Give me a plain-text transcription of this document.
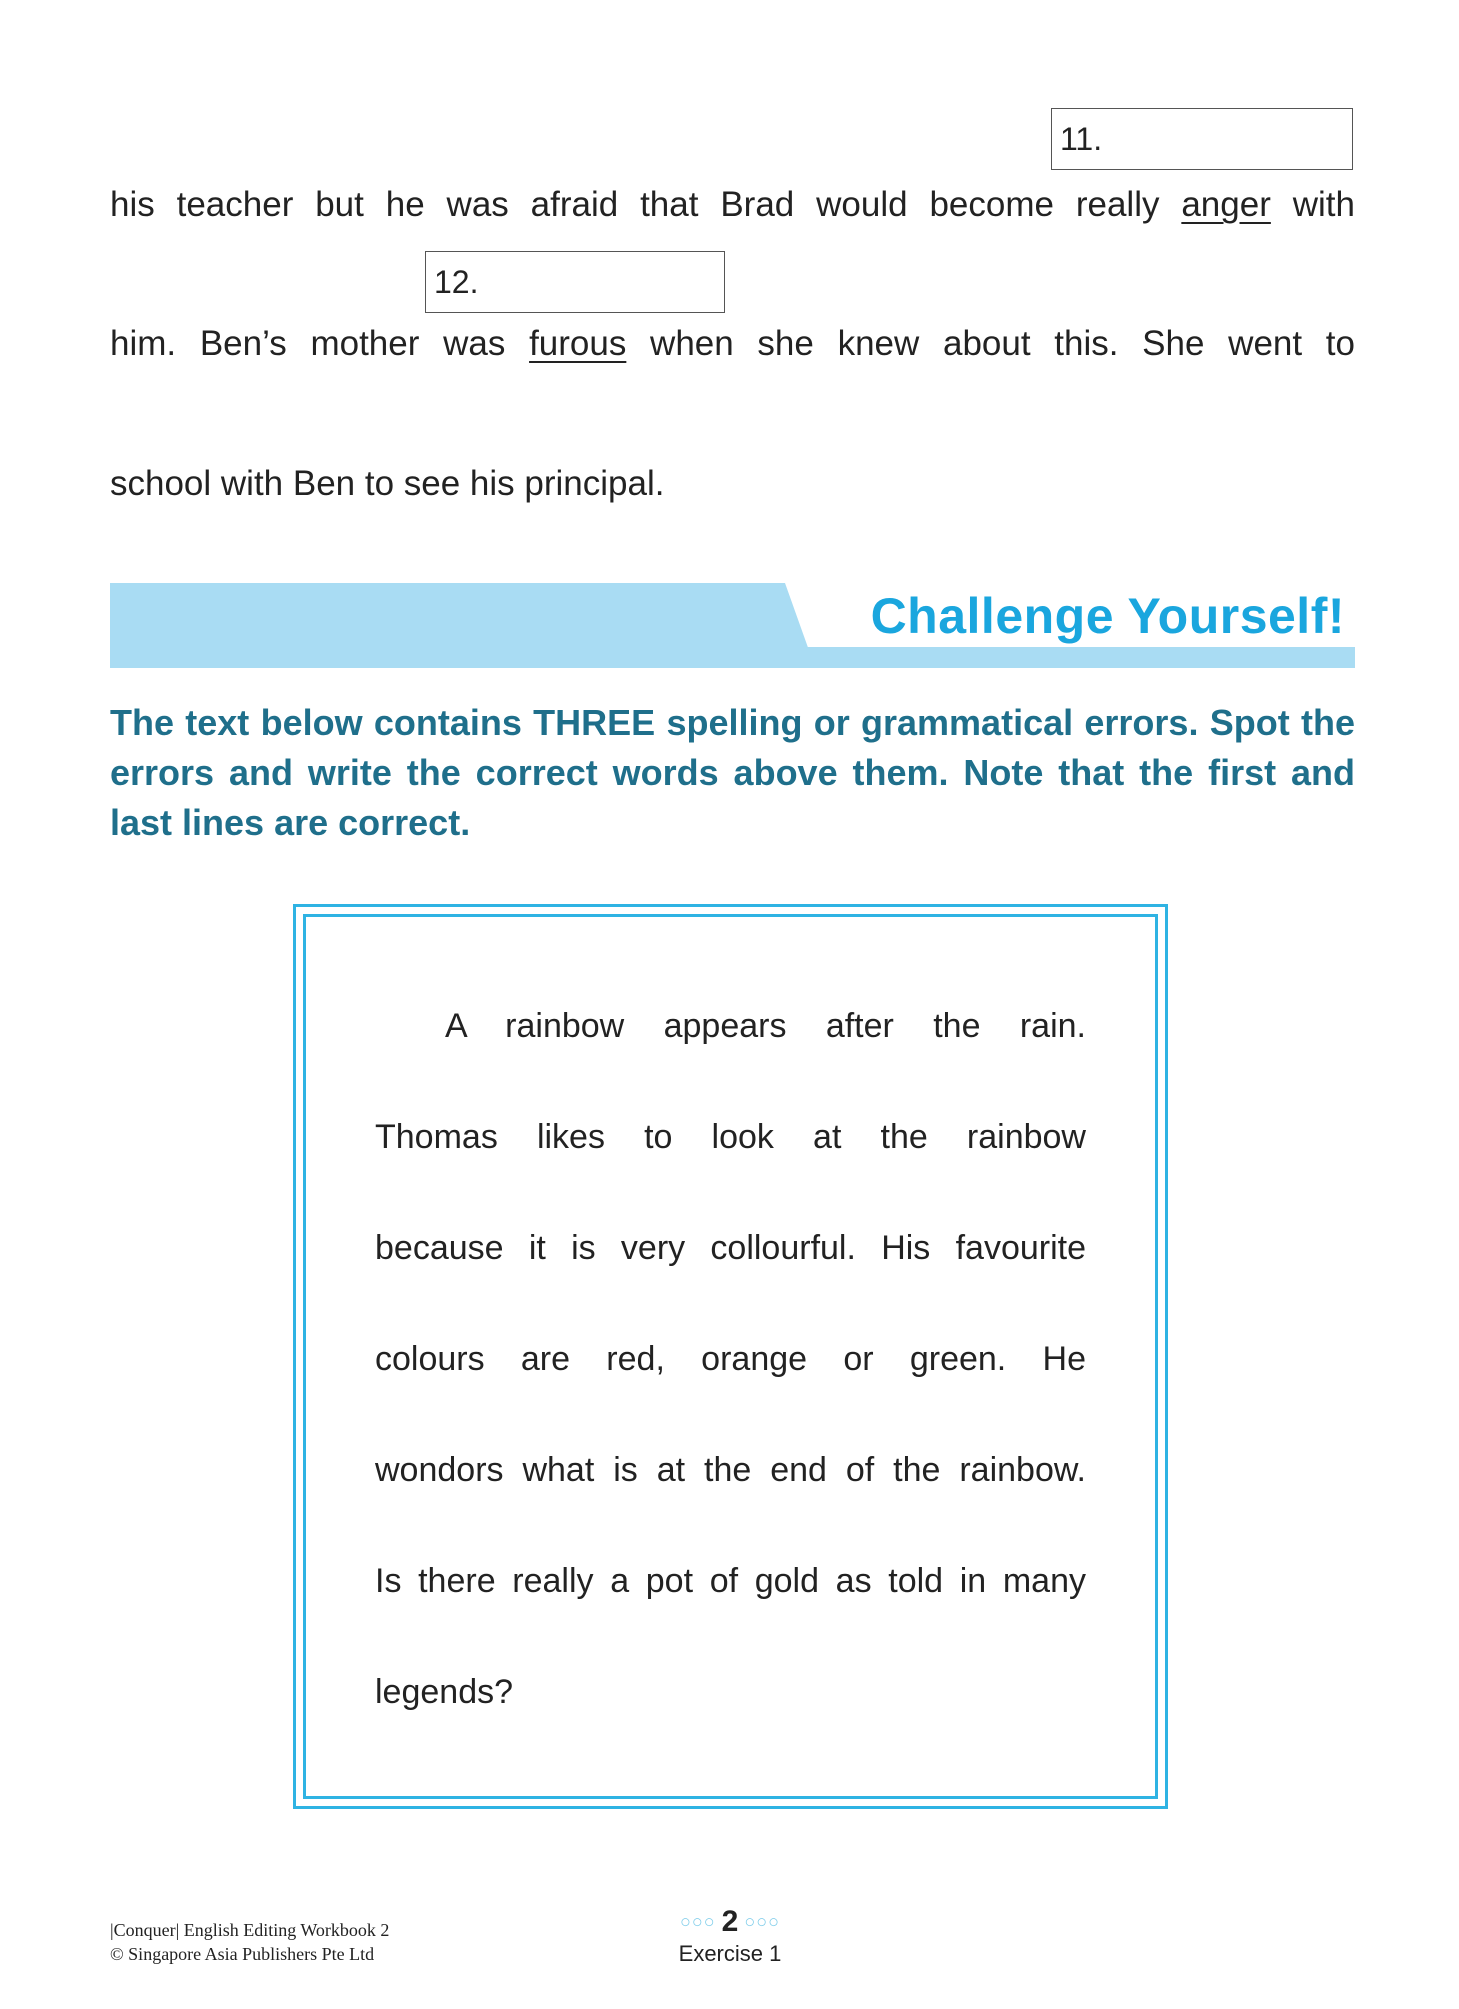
11.
his teacher but he was afraid that Brad would become really anger with
12.
him. Ben’s mother was furous when she knew about this. She went to
school with Ben to see his principal.
Challenge Yourself!
The text below contains THREE spelling or grammatical errors. Spot the errors and write the correct words above them. Note that the first and last lines are correct.
A rainbow appears after the rain.
Thomas likes to look at the rainbow
because it is very collourful. His favourite
colours are red, orange or green. He
wondors what is at the end of the rainbow.
Is there really a pot of gold as told in many
legends?
|Conquer| English Editing Workbook 2
© Singapore Asia Publishers Pte Ltd
○○○ 2 ○○○
Exercise 1
